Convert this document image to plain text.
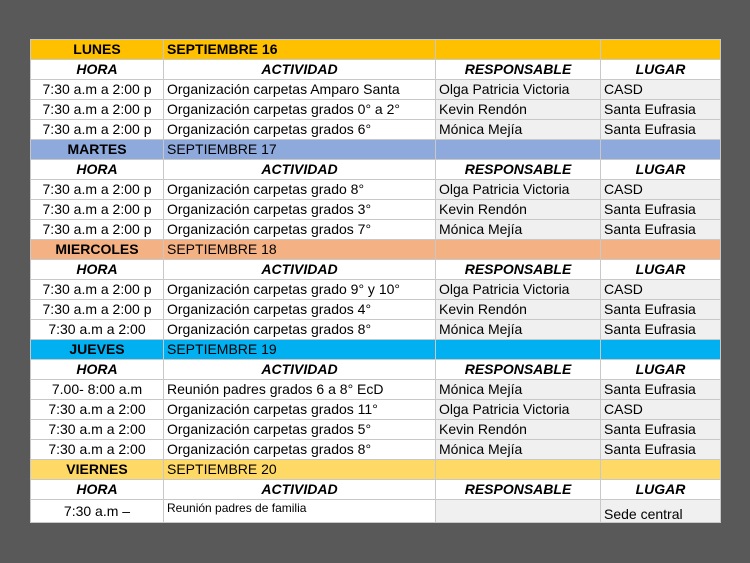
LUNES	SEPTIEMBRE 16		
HORA	ACTIVIDAD	RESPONSABLE	LUGAR
7:30 a.m a 2:00 p	Organización carpetas Amparo Santa	Olga Patricia Victoria	CASD
7:30 a.m a 2:00 p	Organización carpetas grados 0° a 2°	Kevin Rendón	Santa Eufrasia
7:30 a.m a 2:00 p	Organización carpetas grados 6°	Mónica Mejía	Santa Eufrasia
MARTES	SEPTIEMBRE 17		
HORA	ACTIVIDAD	RESPONSABLE	LUGAR
7:30 a.m a 2:00 p	Organización carpetas grado 8°	Olga Patricia Victoria	CASD
7:30 a.m a 2:00 p	Organización carpetas grados 3°	Kevin Rendón	Santa Eufrasia
7:30 a.m a 2:00 p	Organización carpetas grados 7°	Mónica Mejía	Santa Eufrasia
MIERCOLES	SEPTIEMBRE 18		
HORA	ACTIVIDAD	RESPONSABLE	LUGAR
7:30 a.m a 2:00 p	Organización carpetas grado 9° y 10°	Olga Patricia Victoria	CASD
7:30 a.m a 2:00 p	Organización carpetas grados 4°	Kevin Rendón	Santa Eufrasia
7:30 a.m a 2:00	Organización carpetas grados 8°	Mónica Mejía	Santa Eufrasia
JUEVES	SEPTIEMBRE 19		
HORA	ACTIVIDAD	RESPONSABLE	LUGAR
7.00- 8:00 a.m	Reunión padres grados 6 a 8° EcD	Mónica Mejía	Santa Eufrasia
7:30 a.m a 2:00	Organización carpetas grados 11°	Olga Patricia Victoria	CASD
7:30 a.m a 2:00	Organización carpetas grados 5°	Kevin Rendón	Santa Eufrasia
7:30 a.m a 2:00	Organización carpetas grados 8°	Mónica Mejía	Santa Eufrasia
VIERNES	SEPTIEMBRE 20		
HORA	ACTIVIDAD	RESPONSABLE	LUGAR
7:30 a.m –	Reunión padres de familia		Sede central
